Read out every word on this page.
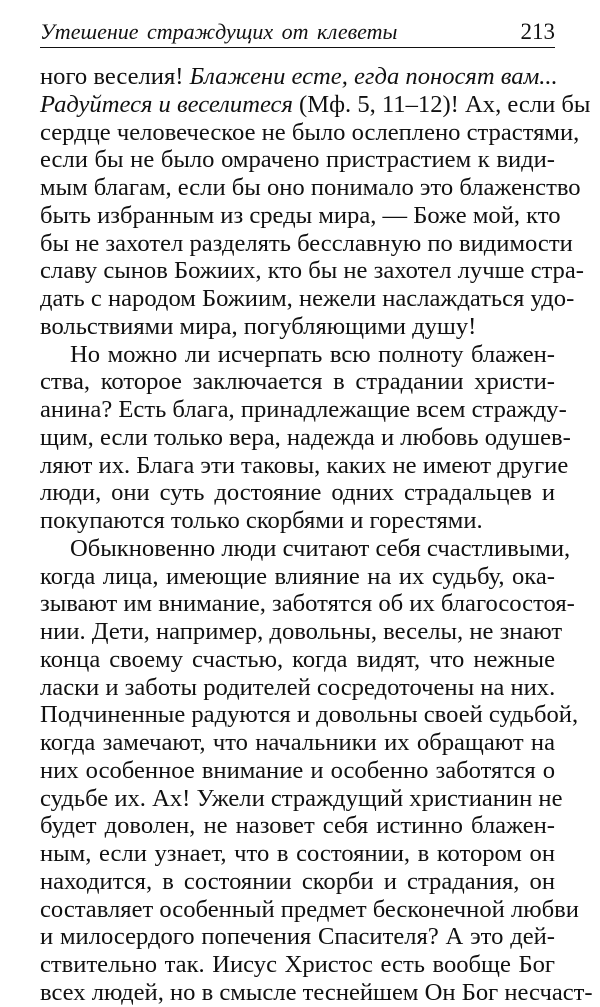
Утешение страждущих от клеветы	213
ного веселия! Блажени есте, егда поносят вам...
Радуйтеся и веселитеся (Мф. 5, 11–12)! Ах, если бы
сердце человеческое не было ослеплено страстями,
если бы не было омрачено пристрастием к види-
мым благам, если бы оно понимало это блаженство
быть избранным из среды мира, — Боже мой, кто
бы не захотел разделять бесславную по видимости
славу сынов Божиих, кто бы не захотел лучше стра-
дать с народом Божиим, нежели наслаждаться удо-
вольствиями мира, погубляющими душу!
Но можно ли исчерпать всю полноту блажен-
ства, которое заключается в страдании христи-
анина? Есть блага, принадлежащие всем стражду-
щим, если только вера, надежда и любовь одушев-
ляют их. Блага эти таковы, каких не имеют другие
люди, они суть достояние одних страдальцев и
покупаются только скорбями и горестями.
Обыкновенно люди считают себя счастливыми,
когда лица, имеющие влияние на их судьбу, ока-
зывают им внимание, заботятся об их благосостоя-
нии. Дети, например, довольны, веселы, не знают
конца своему счастью, когда видят, что нежные
ласки и заботы родителей сосредоточены на них.
Подчиненные радуются и довольны своей судьбой,
когда замечают, что начальники их обращают на
них особенное внимание и особенно заботятся о
судьбе их. Ах! Ужели страждущий христианин не
будет доволен, не назовет себя истинно блажен-
ным, если узнает, что в состоянии, в котором он
находится, в состоянии скорби и страдания, он
составляет особенный предмет бесконечной любви
и милосердого попечения Спасителя? А это дей-
ствительно так. Иисус Христос есть вообще Бог
всех людей, но в смысле теснейшем Он Бог несчаст-
